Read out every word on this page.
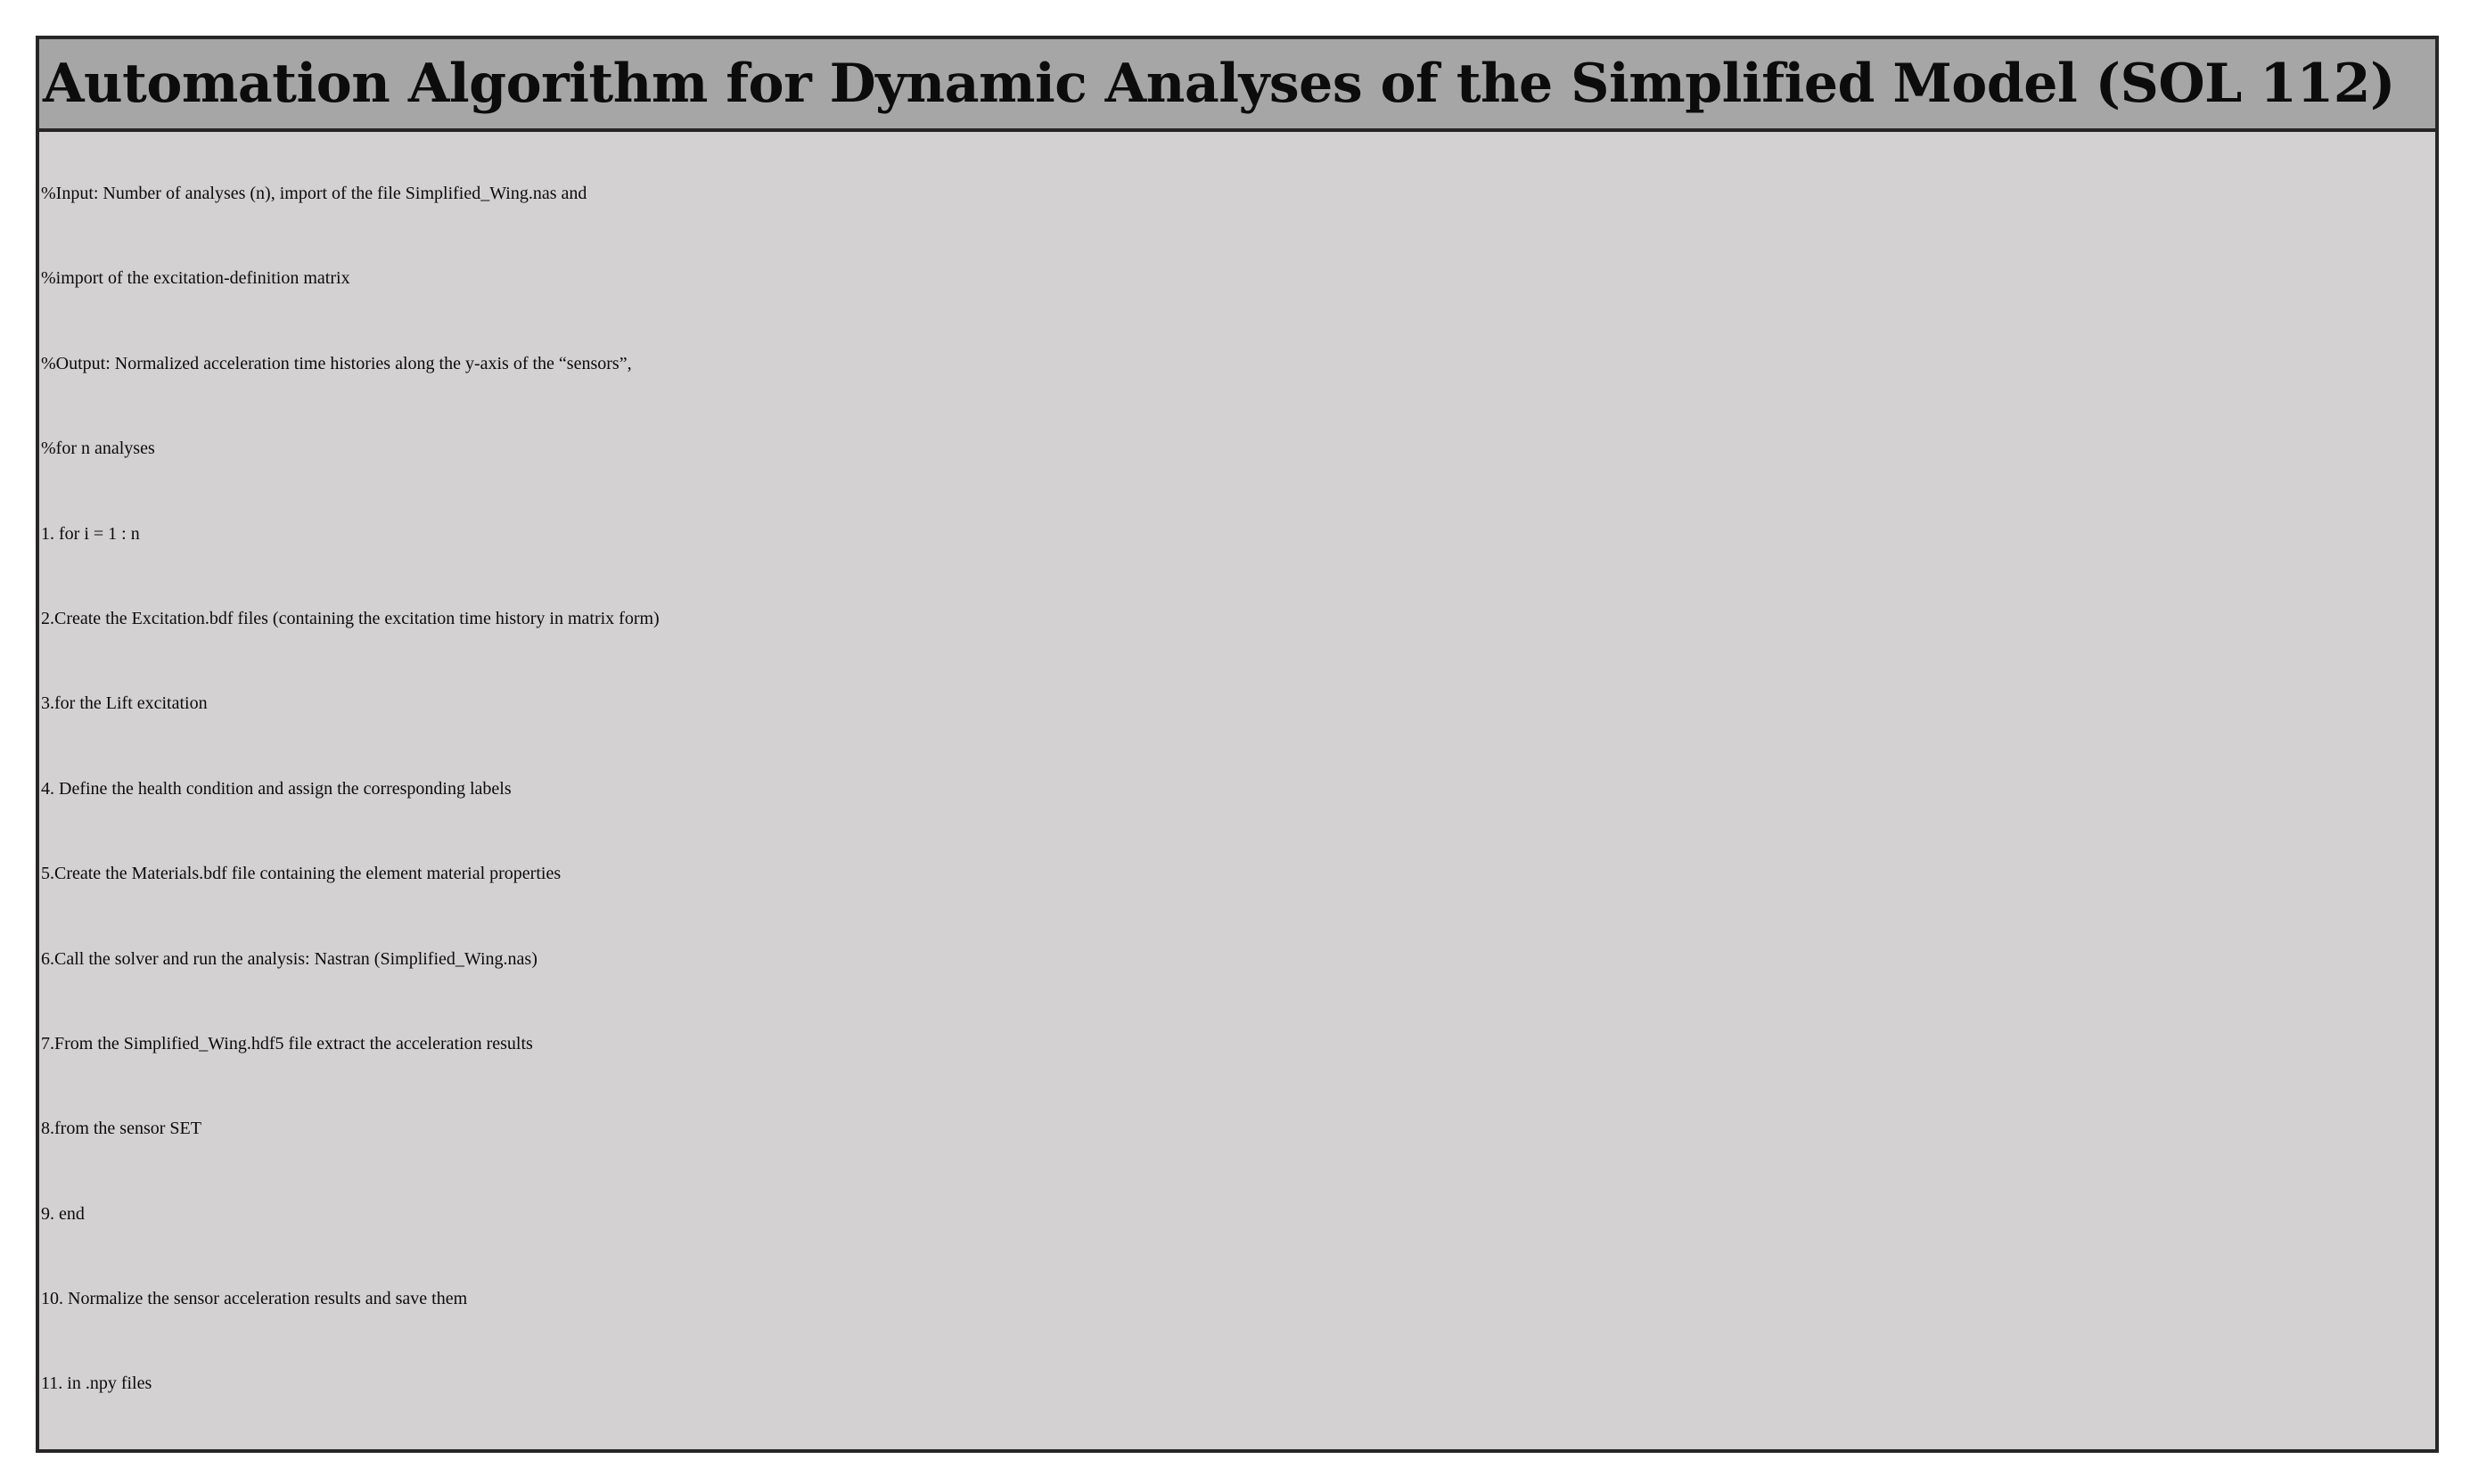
Automation Algorithm for Dynamic Analyses of the Simplified Model (SOL 112)
%Input: Number of analyses (n), import of the file Simplified_Wing.nas and
%import of the excitation-definition matrix
%Output: Normalized acceleration time histories along the y-axis of the “sensors”,
%for n analyses
1. for i = 1 : n
2.Create the Excitation.bdf files (containing the excitation time history in matrix form)
3.for the Lift excitation
4. Define the health condition and assign the corresponding labels
5.Create the Materials.bdf file containing the element material properties
6.Call the solver and run the analysis: Nastran (Simplified_Wing.nas)
7.From the Simplified_Wing.hdf5 file extract the acceleration results
8.from the sensor SET
9. end
10. Normalize the sensor acceleration results and save them
11. in .npy files
